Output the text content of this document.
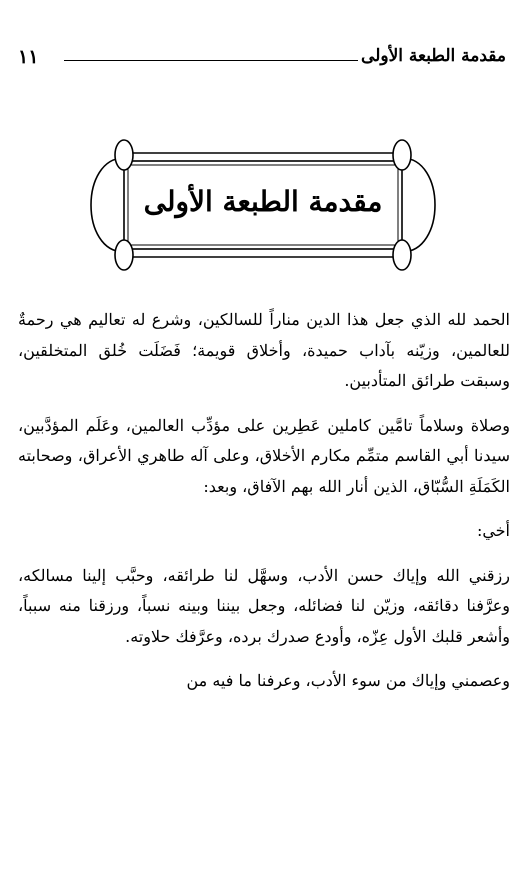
١١	مقدمة الطبعة الأولى
مقدمة الطبعة الأولى

الحمد لله الذي جعل هذا الدين مناراً للسالكين، وشرع له تعاليم هي رحمةٌ للعالمين، وزيّنه بآداب حميدة، وأخلاق قويمة؛ فَضَلَت خُلق المتخلقين، وسبقت طرائق المتأدبين.

وصلاة وسلاماً تامَّين كاملين عَطِرين على مؤدِّب العالمين، وعَلَم المؤدَّبين، سيدنا أبي القاسم متمِّم مكارم الأخلاق، وعلى آله طاهري الأعراق، وصحابته الكَمَلَةِ السُّبّاق، الذين أنار الله بهم الآفاق، وبعد:

أخي:

رزقني الله وإياك حسن الأدب، وسهَّل لنا طرائقه، وحبَّب إلينا مسالكه، وعرَّفنا دقائقه، وزيّن لنا فضائله، وجعل بيننا وبينه نسباً، ورزقنا منه سبباً، وأشعر قلبك الأول عِزّه، وأودع صدرك برده، وعرَّفك حلاوته.

وعصمني وإياك من سوء الأدب، وعرفنا ما فيه من
